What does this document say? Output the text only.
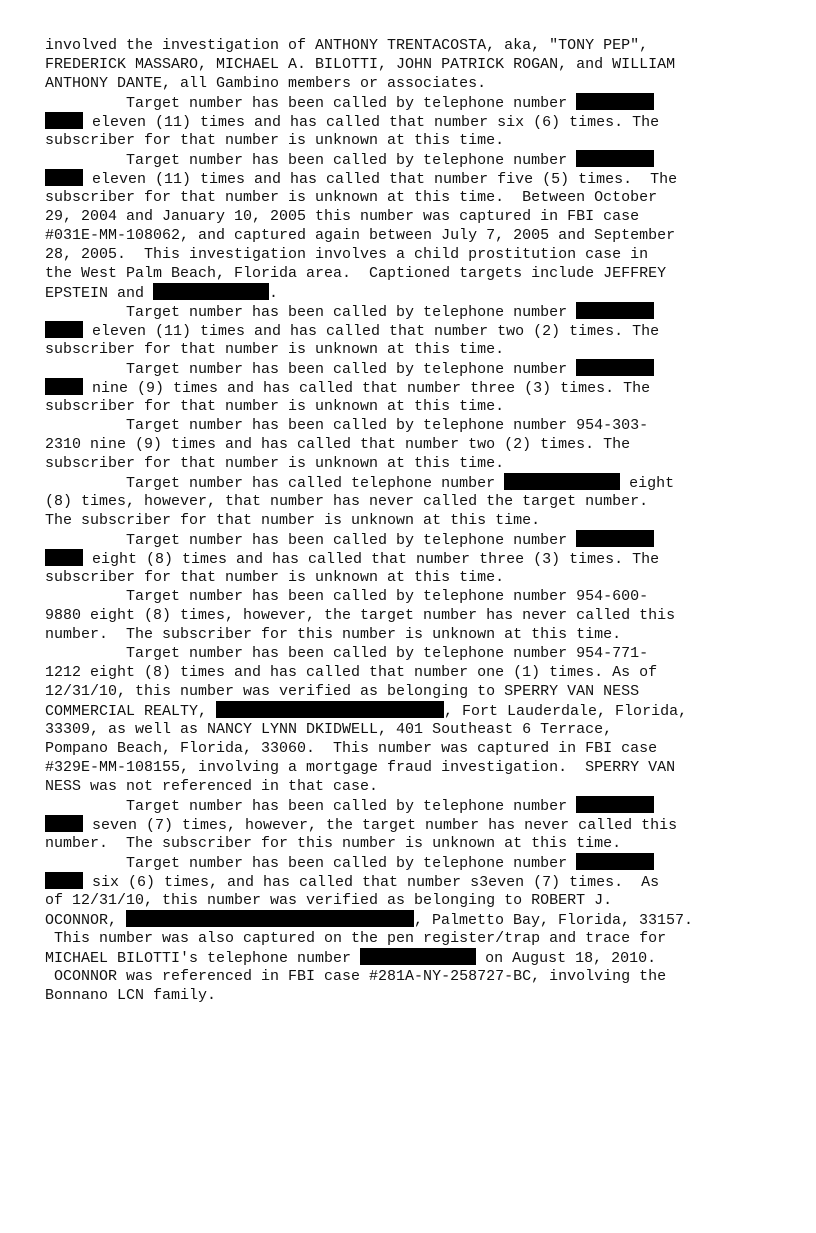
involved the investigation of ANTHONY TRENTACOSTA, aka, "TONY PEP",

FREDERICK MASSARO, MICHAEL A. BILOTTI, JOHN PATRICK ROGAN, and WILLIAM

ANTHONY DANTE, all Gambino members or associates.

Target number has been called by telephone number

eleven (11) times and has called that number six (6) times. The

subscriber for that number is unknown at this time.

Target number has been called by telephone number

eleven (11) times and has called that number five (5) times.  The

subscriber for that number is unknown at this time.  Between October

29, 2004 and January 10, 2005 this number was captured in FBI case

#031E-MM-108062, and captured again between July 7, 2005 and September

28, 2005.  This investigation involves a child prostitution case in

the West Palm Beach, Florida area.  Captioned targets include JEFFREY

EPSTEIN and	.

Target number has been called by telephone number

eleven (11) times and has called that number two (2) times. The

subscriber for that number is unknown at this time.

Target number has been called by telephone number

nine (9) times and has called that number three (3) times. The

subscriber for that number is unknown at this time.

Target number has been called by telephone number 954-303-

2310 nine (9) times and has called that number two (2) times. The

subscriber for that number is unknown at this time.

Target number has called telephone number	eight

(8) times, however, that number has never called the target number.

The subscriber for that number is unknown at this time.

Target number has been called by telephone number

eight (8) times and has called that number three (3) times. The

subscriber for that number is unknown at this time.

Target number has been called by telephone number 954-600-

9880 eight (8) times, however, the target number has never called this

number.  The subscriber for this number is unknown at this time.

Target number has been called by telephone number 954-771-

1212 eight (8) times and has called that number one (1) times. As of

12/31/10, this number was verified as belonging to SPERRY VAN NESS

COMMERCIAL REALTY,	, Fort Lauderdale, Florida,

33309, as well as NANCY LYNN DKIDWELL, 401 Southeast 6 Terrace,

Pompano Beach, Florida, 33060.  This number was captured in FBI case

#329E-MM-108155, involving a mortgage fraud investigation.  SPERRY VAN

NESS was not referenced in that case.

Target number has been called by telephone number

seven (7) times, however, the target number has never called this

number.  The subscriber for this number is unknown at this time.

Target number has been called by telephone number

six (6) times, and has called that number s3even (7) times.  As

of 12/31/10, this number was verified as belonging to ROBERT J.

OCONNOR,	, Palmetto Bay, Florida, 33157.

This number was also captured on the pen register/trap and trace for

MICHAEL BILOTTI's telephone number	on August 18, 2010.

OCONNOR was referenced in FBI case #281A-NY-258727-BC, involving the

Bonnano LCN family.
